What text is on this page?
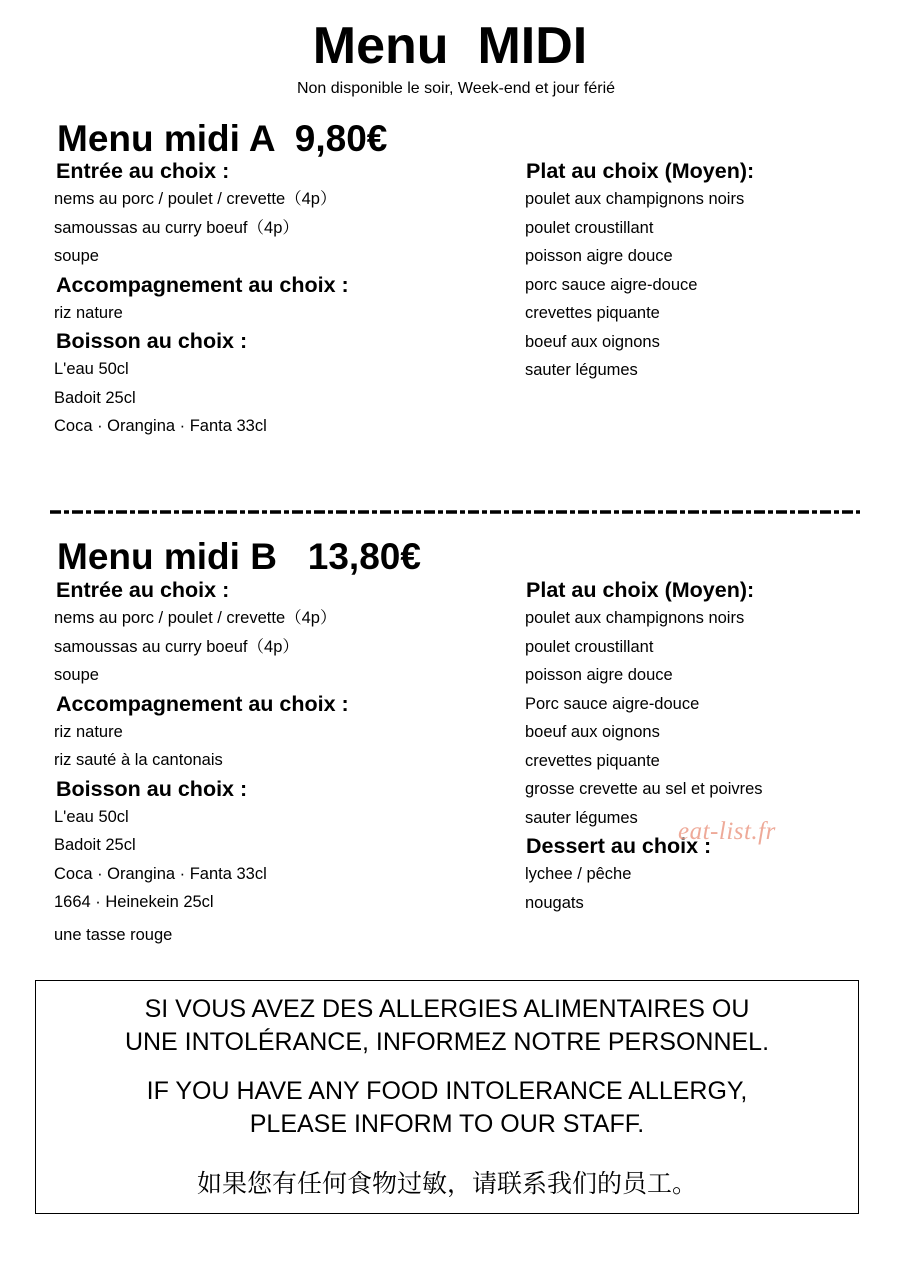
Menu  MIDI
Non disponible le soir, Week-end et jour férié
Menu midi A  9,80€
Entrée au choix :
nems au porc / poulet / crevette（4p）
samoussas au curry boeuf（4p）
soupe
Accompagnement au choix :
riz nature
Boisson au choix :
L'eau 50cl
Badoit 25cl
Coca · Orangina · Fanta 33cl
Plat au choix (Moyen):
poulet aux champignons noirs
poulet croustillant
poisson aigre douce
porc sauce aigre-douce
crevettes piquante
boeuf aux oignons
sauter légumes
Menu midi B   13,80€
Entrée au choix :
nems au porc / poulet / crevette（4p）
samoussas au curry boeuf（4p）
soupe
Accompagnement au choix :
riz nature
riz sauté à la cantonais
Boisson au choix :
L'eau 50cl
Badoit 25cl
Coca · Orangina · Fanta 33cl
1664 · Heinekein 25cl
une tasse rouge
Plat au choix (Moyen):
poulet aux champignons noirs
poulet croustillant
poisson aigre douce
Porc sauce aigre-douce
boeuf aux oignons
crevettes piquante
grosse crevette au sel et poivres
sauter légumes
Dessert au choix :
lychee / pêche
nougats
eat-list.fr
SI VOUS AVEZ DES ALLERGIES ALIMENTAIRES OU
UNE INTOLÉRANCE, INFORMEZ NOTRE PERSONNEL.
IF YOU HAVE ANY FOOD INTOLERANCE ALLERGY,
PLEASE INFORM TO OUR STAFF.
如果您有任何食物过敏，请联系我们的员工。
